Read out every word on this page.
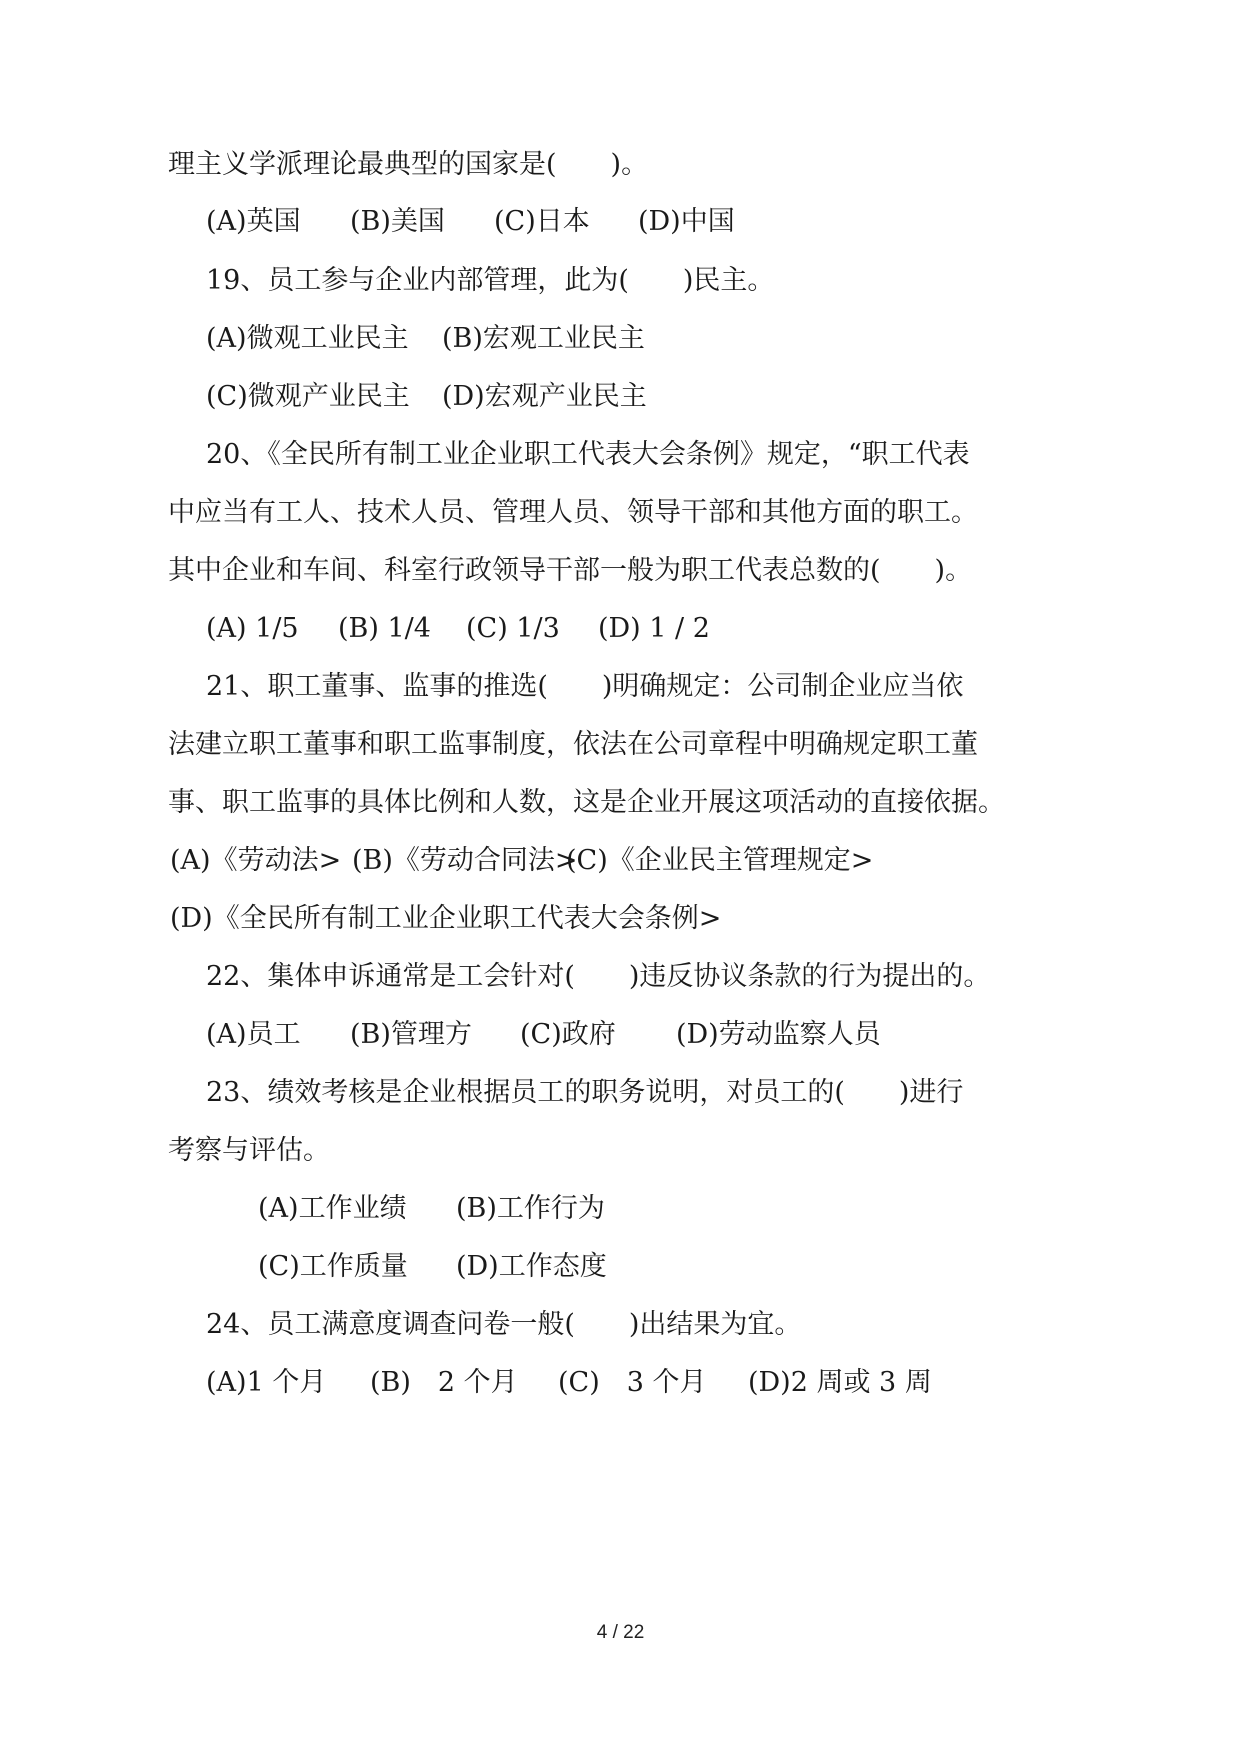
理主义学派理论最典型的国家是(　　)。
(A)英国 (B)美国 (C)日本 (D)中国
19、员工参与企业内部管理，此为(　　)民主。
(A)微观工业民主 (B)宏观工业民主
(C)微观产业民主 (D)宏观产业民主
20、《全民所有制工业企业职工代表大会条例》规定，“职工代表
中应当有工人、技术人员、管理人员、领导干部和其他方面的职工。
其中企业和车间、科室行政领导干部一般为职工代表总数的(　　)。
(A) 1/5 (B) 1/4 (C) 1/3 (D) 1 / 2
21、职工董事、监事的推选(　　)明确规定：公司制企业应当依
法建立职工董事和职工监事制度，依法在公司章程中明确规定职工董
事、职工监事的具体比例和人数，这是企业开展这项活动的直接依据。
(A)《劳动法> (B)《劳动合同法>
(C)《企业民主管理规定>
(D)《全民所有制工业企业职工代表大会条例>
22、集体申诉通常是工会针对(　　)违反协议条款的行为提出的。
(A)员工 (B)管理方 (C)政府 (D)劳动监察人员
23、绩效考核是企业根据员工的职务说明，对员工的(　　)进行
考察与评估。
(A)工作业绩 (B)工作行为
(C)工作质量 (D)工作态度
24、员工满意度调查问卷一般(　　)出结果为宜。
(A)1 个月 (B)　2 个月 (C)　3 个月 (D)2 周或 3 周
4 / 22
